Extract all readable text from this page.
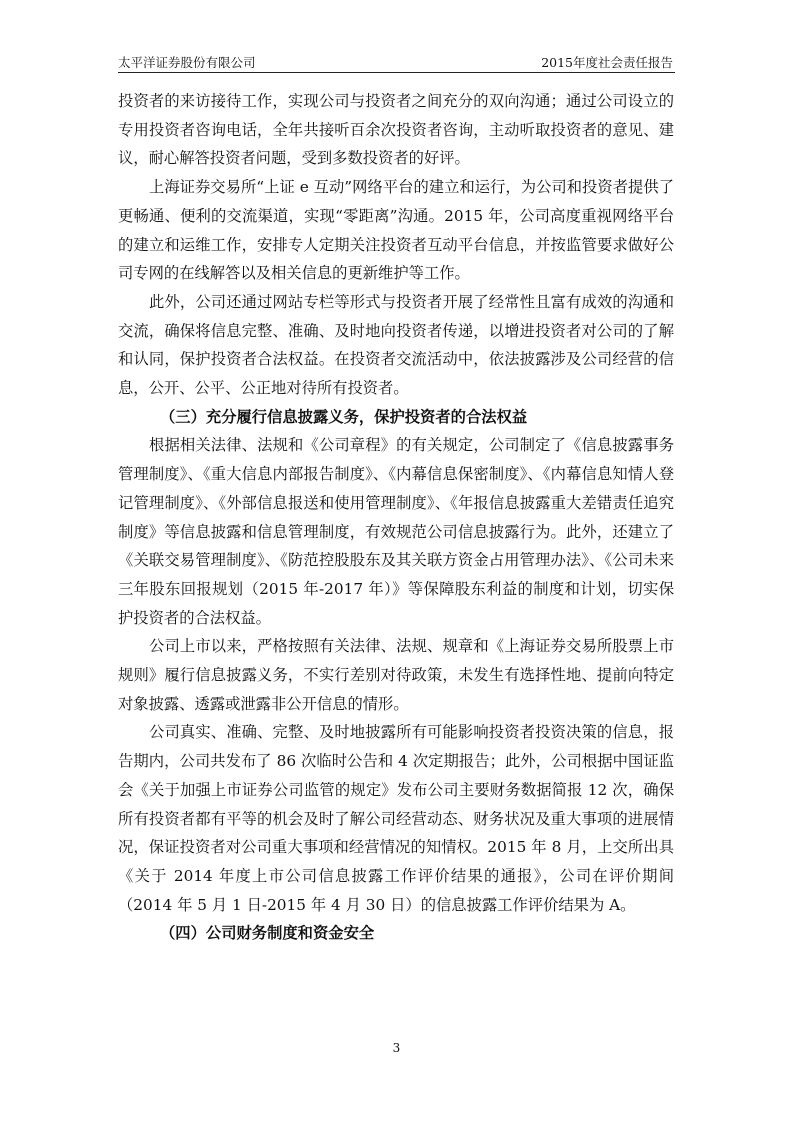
太平洋证券股份有限公司	2015年度社会责任报告

投资者的来访接待工作，实现公司与投资者之间充分的双向沟通；通过公司设立的专用投资者咨询电话，全年共接听百余次投资者咨询，主动听取投资者的意见、建议，耐心解答投资者问题，受到多数投资者的好评。

上海证券交易所“上证 e 互动”网络平台的建立和运行，为公司和投资者提供了更畅通、便利的交流渠道，实现“零距离”沟通。2015 年，公司高度重视网络平台的建立和运维工作，安排专人定期关注投资者互动平台信息，并按监管要求做好公司专网的在线解答以及相关信息的更新维护等工作。

此外，公司还通过网站专栏等形式与投资者开展了经常性且富有成效的沟通和交流，确保将信息完整、准确、及时地向投资者传递，以增进投资者对公司的了解和认同，保护投资者合法权益。在投资者交流活动中，依法披露涉及公司经营的信息，公开、公平、公正地对待所有投资者。

（三）充分履行信息披露义务，保护投资者的合法权益

根据相关法律、法规和《公司章程》的有关规定，公司制定了《信息披露事务管理制度》、《重大信息内部报告制度》、《内幕信息保密制度》、《内幕信息知情人登记管理制度》、《外部信息报送和使用管理制度》、《年报信息披露重大差错责任追究制度》等信息披露和信息管理制度，有效规范公司信息披露行为。此外，还建立了《关联交易管理制度》、《防范控股股东及其关联方资金占用管理办法》、《公司未来三年股东回报规划（2015 年-2017 年）》等保障股东利益的制度和计划，切实保护投资者的合法权益。

公司上市以来，严格按照有关法律、法规、规章和《上海证券交易所股票上市规则》履行信息披露义务，不实行差别对待政策，未发生有选择性地、提前向特定对象披露、透露或泄露非公开信息的情形。

公司真实、准确、完整、及时地披露所有可能影响投资者投资决策的信息，报告期内，公司共发布了 86 次临时公告和 4 次定期报告；此外，公司根据中国证监会《关于加强上市证券公司监管的规定》发布公司主要财务数据简报 12 次，确保所有投资者都有平等的机会及时了解公司经营动态、财务状况及重大事项的进展情况，保证投资者对公司重大事项和经营情况的知情权。2015 年 8 月，上交所出具《关于 2014 年度上市公司信息披露工作评价结果的通报》，公司在评价期间（2014 年 5 月 1 日-2015 年 4 月 30 日）的信息披露工作评价结果为 A。

（四）公司财务制度和资金安全

3
